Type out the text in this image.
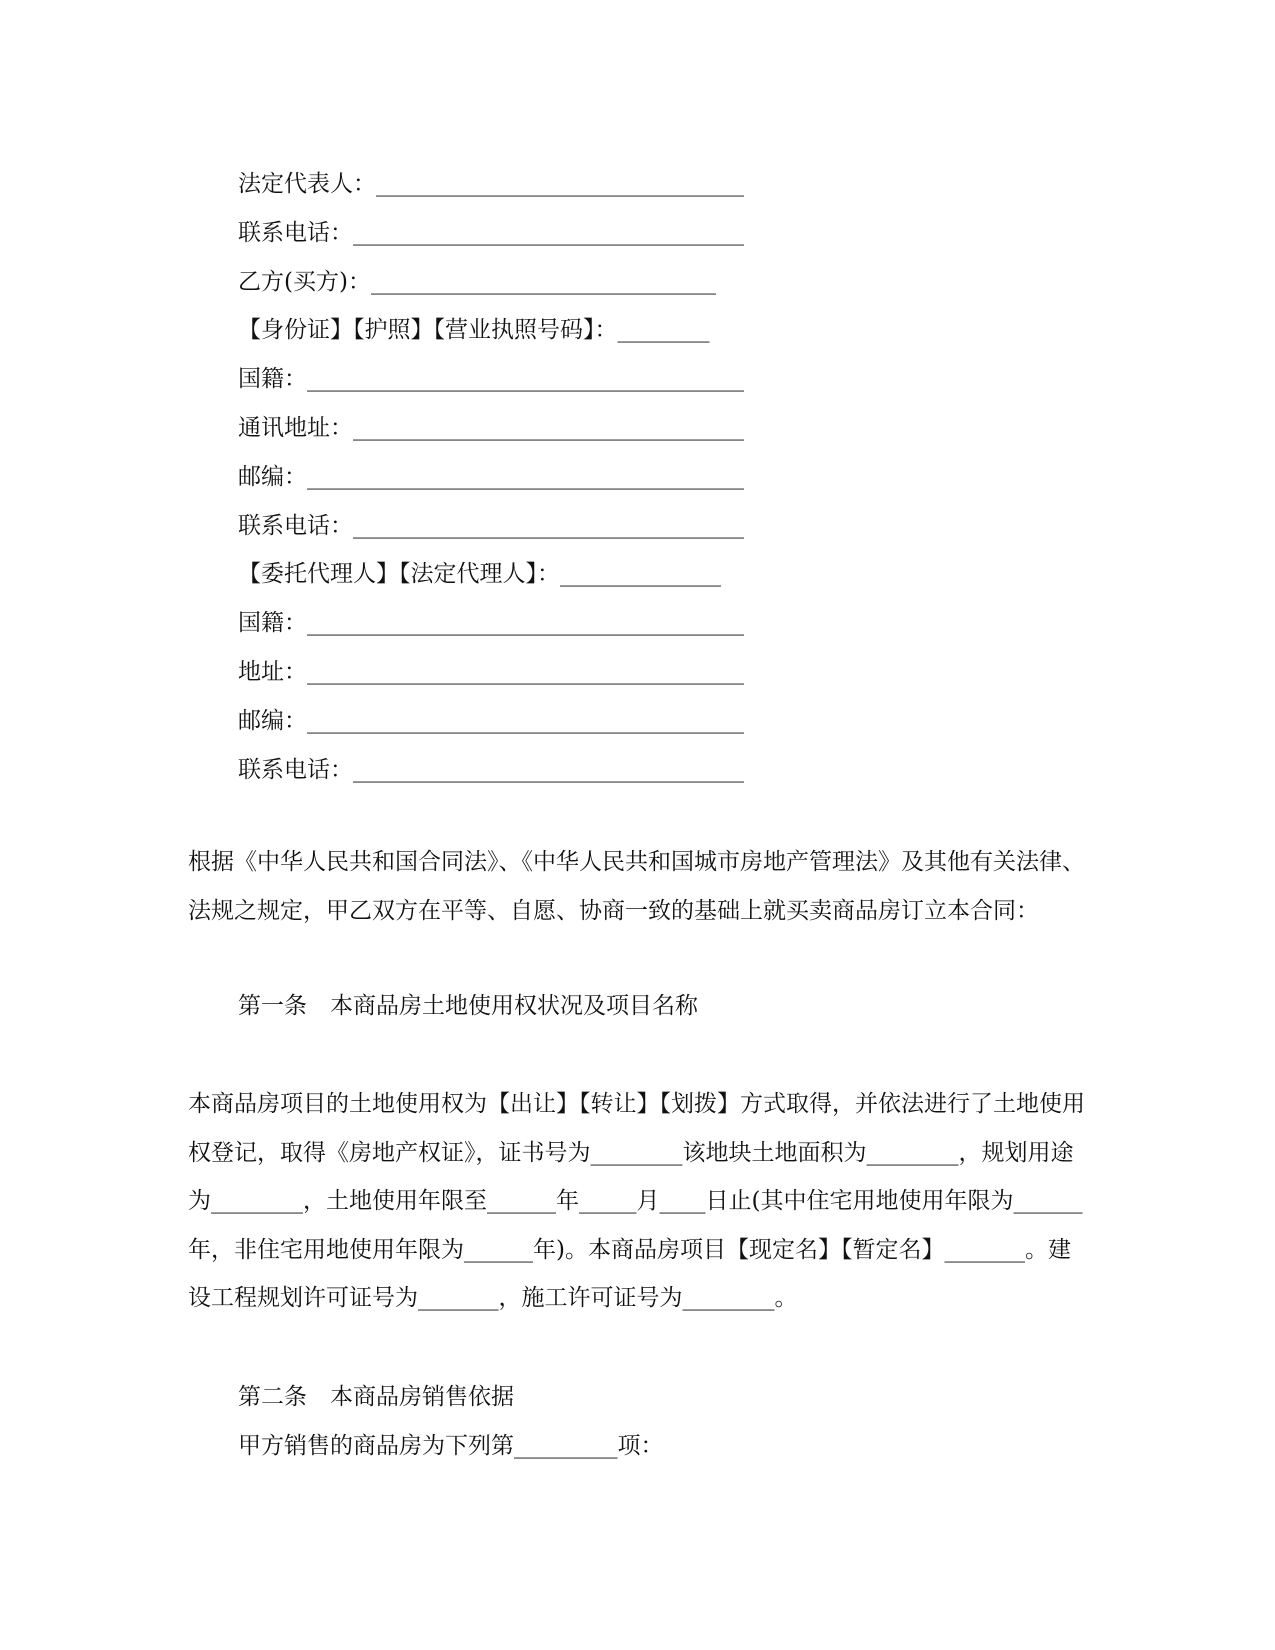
法定代表人：________________________________
联系电话：__________________________________
乙方(买方)：______________________________
【身份证】【护照】【营业执照号码】：________
国籍：______________________________________
通讯地址：__________________________________
邮编：______________________________________
联系电话：__________________________________
【委托代理人】【法定代理人】：______________
国籍：______________________________________
地址：______________________________________
邮编：______________________________________
联系电话：__________________________________

根据《中华人民共和国合同法》、《中华人民共和国城市房地产管理法》及其他有关法律、法规之规定，甲乙双方在平等、自愿、协商一致的基础上就买卖商品房订立本合同：

第一条　本商品房土地使用权状况及项目名称

本商品房项目的土地使用权为【出让】【转让】【划拨】方式取得，并依法进行了土地使用权登记，取得《房地产权证》，证书号为________该地块土地面积为________，规划用途为________，土地使用年限至______年_____月____日止(其中住宅用地使用年限为______年，非住宅用地使用年限为______年)。本商品房项目【现定名】【暂定名】_______。建设工程规划许可证号为_______，施工许可证号为________。

第二条　本商品房销售依据

甲方销售的商品房为下列第_________项：
